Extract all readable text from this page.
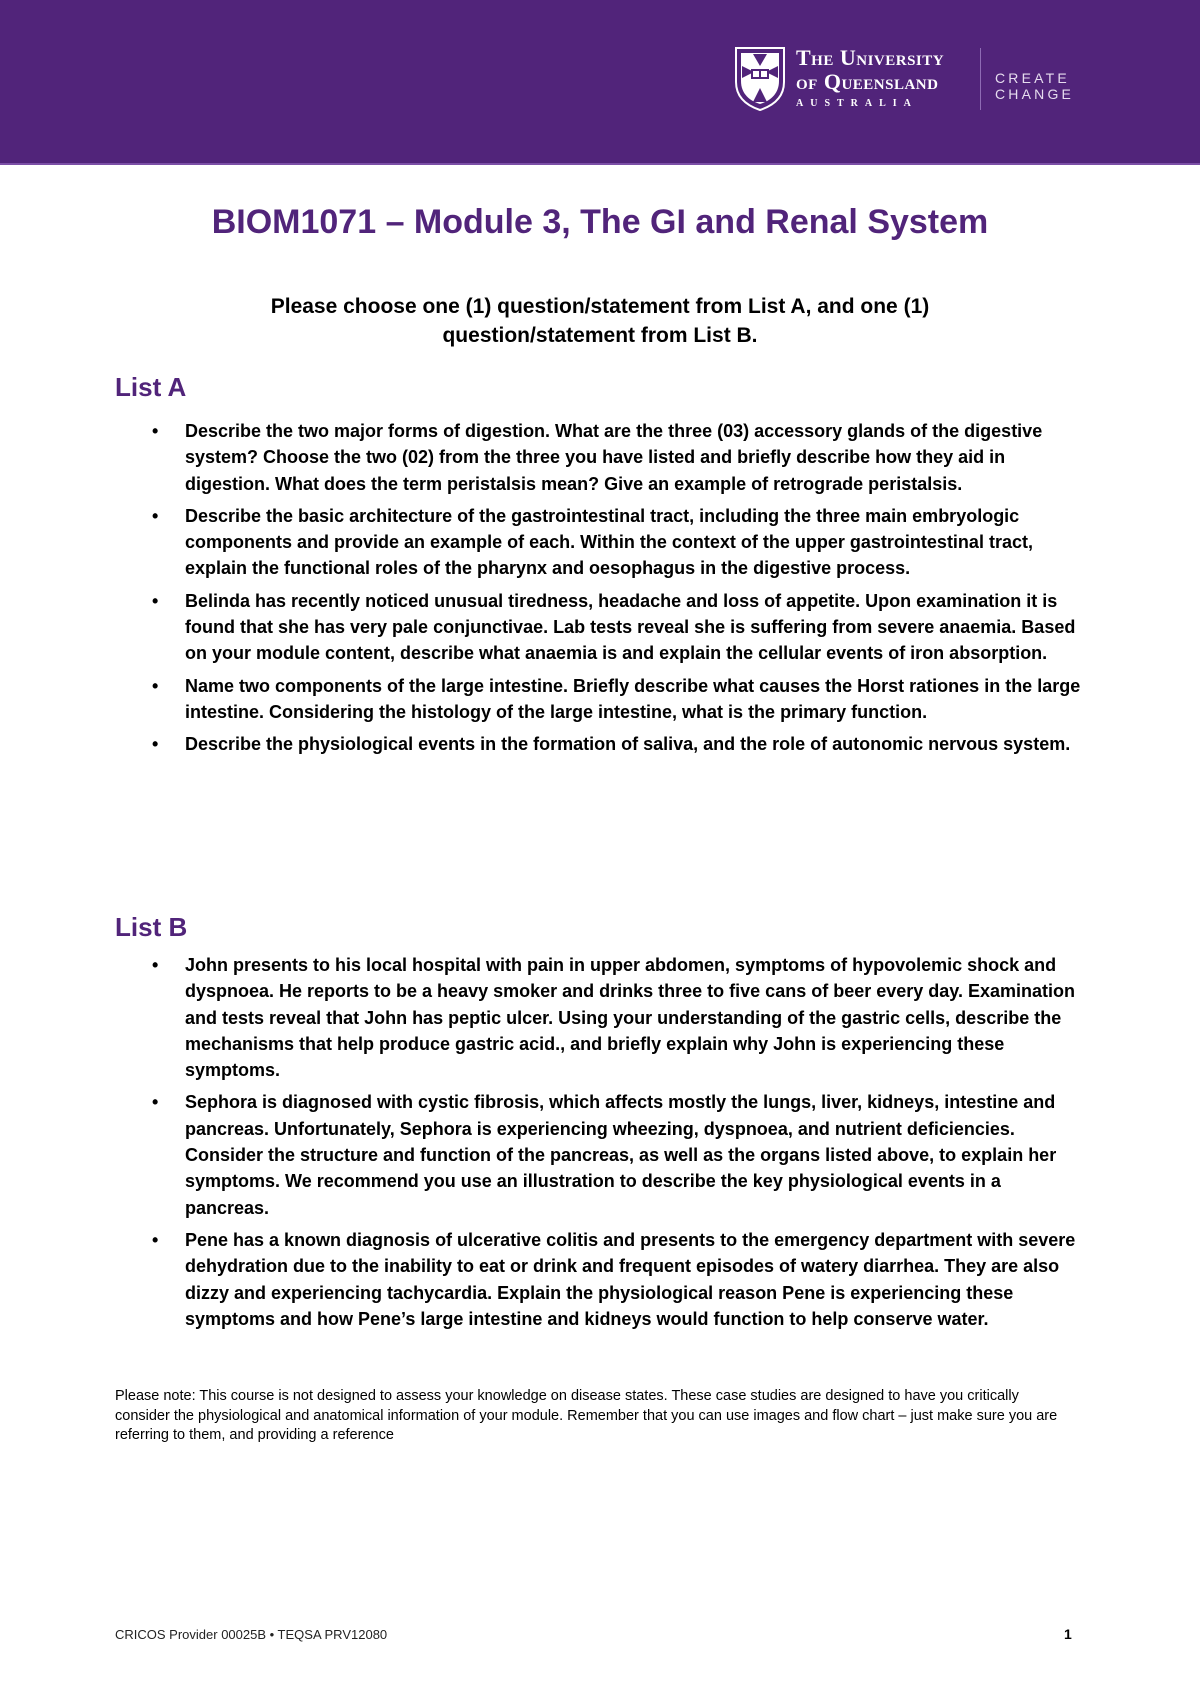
The University
of Queensland
AUSTRALIA
CREATE CHANGE
BIOM1071 – Module 3, The GI and Renal System
Please choose one (1) question/statement from List A, and one (1) question/statement from List B.
List A
• Describe the two major forms of digestion. What are the three (03) accessory glands of the digestive system? Choose the two (02) from the three you have listed and briefly describe how they aid in digestion. What does the term peristalsis mean? Give an example of retrograde peristalsis.
• Describe the basic architecture of the gastrointestinal tract, including the three main embryologic components and provide an example of each. Within the context of the upper gastrointestinal tract, explain the functional roles of the pharynx and oesophagus in the digestive process.
• Belinda has recently noticed unusual tiredness, headache and loss of appetite. Upon examination it is found that she has very pale conjunctivae. Lab tests reveal she is suffering from severe anaemia. Based on your module content, describe what anaemia is and explain the cellular events of iron absorption.
• Name two components of the large intestine. Briefly describe what causes the Horst rationes in the large intestine. Considering the histology of the large intestine, what is the primary function.
• Describe the physiological events in the formation of saliva, and the role of autonomic nervous system.
List B
• John presents to his local hospital with pain in upper abdomen, symptoms of hypovolemic shock and dyspnoea. He reports to be a heavy smoker and drinks three to five cans of beer every day. Examination and tests reveal that John has peptic ulcer. Using your understanding of the gastric cells, describe the mechanisms that help produce gastric acid., and briefly explain why John is experiencing these symptoms.
• Sephora is diagnosed with cystic fibrosis, which affects mostly the lungs, liver, kidneys, intestine and pancreas. Unfortunately, Sephora is experiencing wheezing, dyspnoea, and nutrient deficiencies. Consider the structure and function of the pancreas, as well as the organs listed above, to explain her symptoms. We recommend you use an illustration to describe the key physiological events in a pancreas.
• Pene has a known diagnosis of ulcerative colitis and presents to the emergency department with severe dehydration due to the inability to eat or drink and frequent episodes of watery diarrhea. They are also dizzy and experiencing tachycardia. Explain the physiological reason Pene is experiencing these symptoms and how Pene’s large intestine and kidneys would function to help conserve water.
Please note: This course is not designed to assess your knowledge on disease states. These case studies are designed to have you critically consider the physiological and anatomical information of your module. Remember that you can use images and flow chart – just make sure you are referring to them, and providing a reference
CRICOS Provider 00025B • TEQSA PRV12080	1
